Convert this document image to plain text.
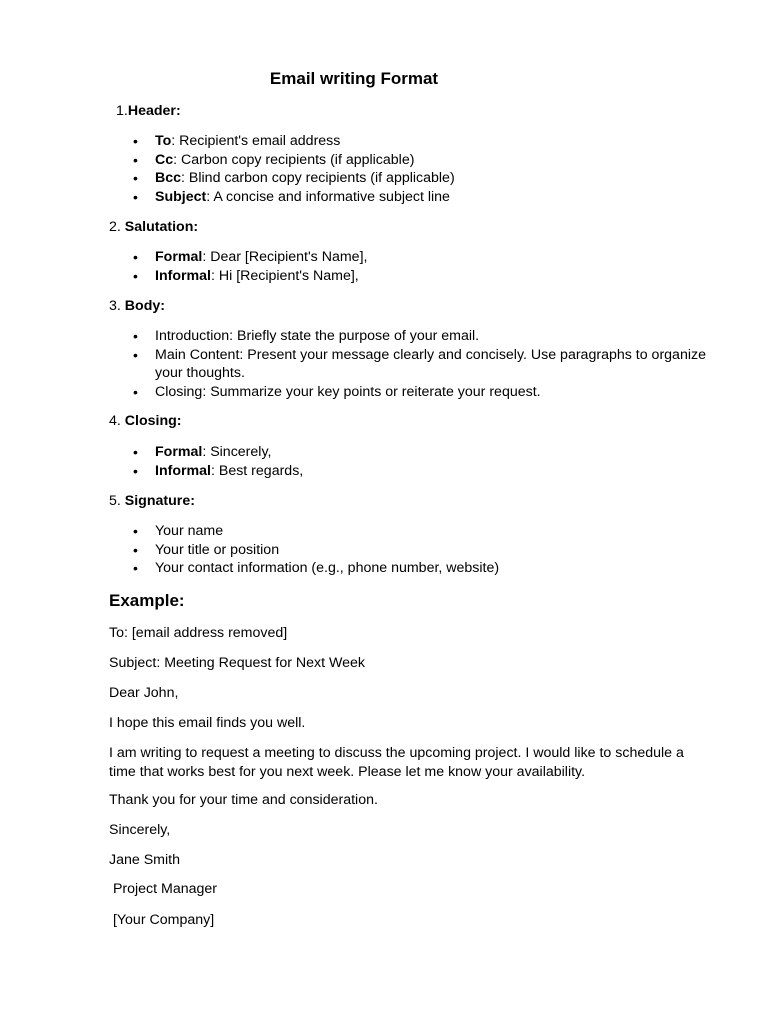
Email writing Format
1.Header:
• To: Recipient's email address
• Cc: Carbon copy recipients (if applicable)
• Bcc: Blind carbon copy recipients (if applicable)
• Subject: A concise and informative subject line
2. Salutation:
• Formal: Dear [Recipient's Name],
• Informal: Hi [Recipient's Name],
3. Body:
• Introduction: Briefly state the purpose of your email.
• Main Content: Present your message clearly and concisely. Use paragraphs to organize your thoughts.
• Closing: Summarize your key points or reiterate your request.
4. Closing:
• Formal: Sincerely,
• Informal: Best regards,
5. Signature:
• Your name
• Your title or position
• Your contact information (e.g., phone number, website)
Example:
To: [email address removed]
Subject: Meeting Request for Next Week
Dear John,
I hope this email finds you well.
I am writing to request a meeting to discuss the upcoming project. I would like to schedule a time that works best for you next week. Please let me know your availability.
Thank you for your time and consideration.
Sincerely,
Jane Smith
Project Manager
[Your Company]
